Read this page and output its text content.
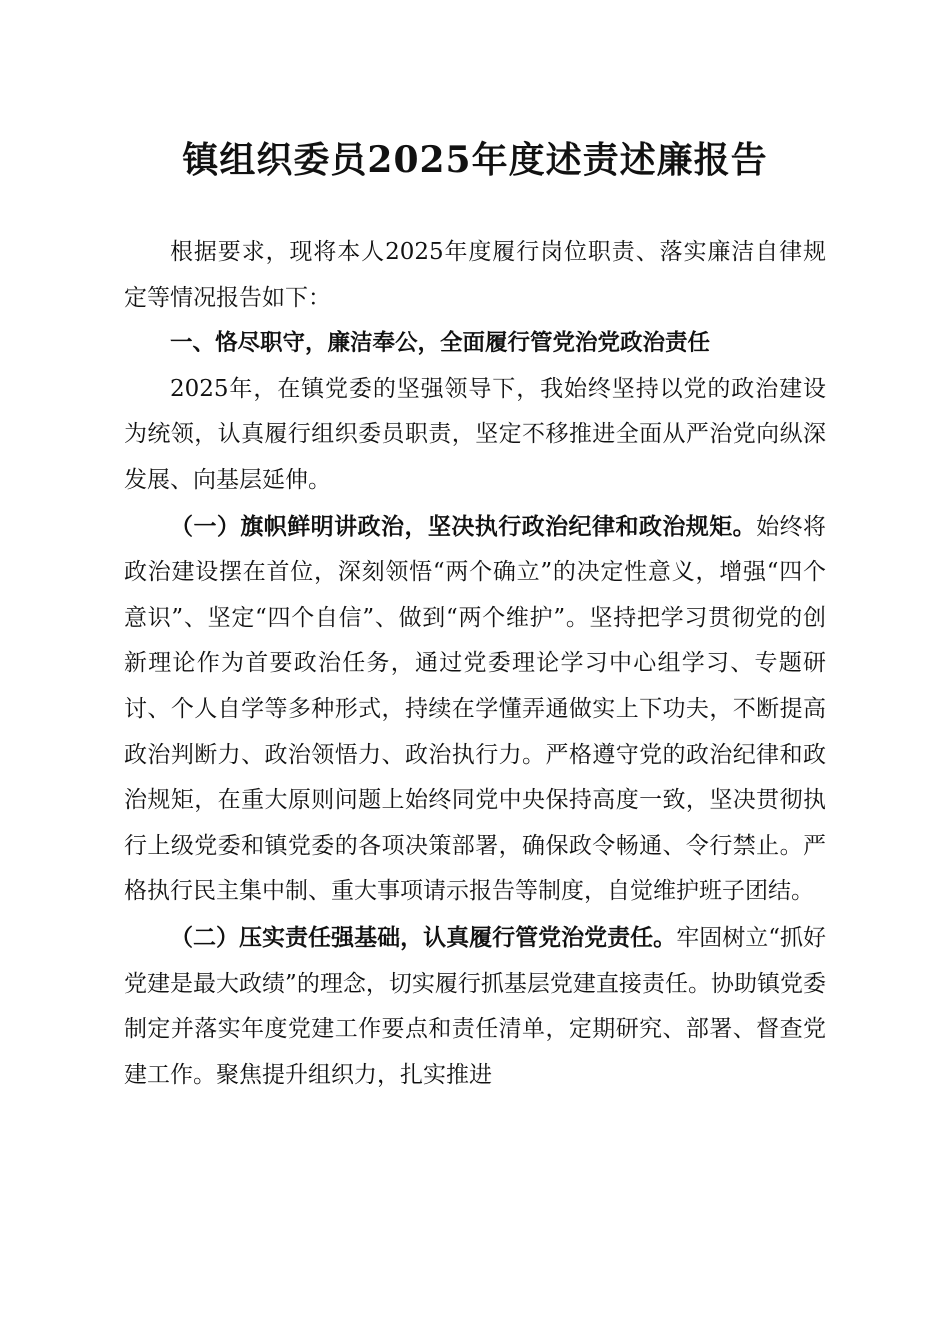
镇组织委员2025年度述责述廉报告

根据要求，现将本人2025年度履行岗位职责、落实廉洁自律规定等情况报告如下：

一、恪尽职守，廉洁奉公，全面履行管党治党政治责任

2025年，在镇党委的坚强领导下，我始终坚持以党的政治建设为统领，认真履行组织委员职责，坚定不移推进全面从严治党向纵深发展、向基层延伸。

（一）旗帜鲜明讲政治，坚决执行政治纪律和政治规矩。始终将政治建设摆在首位，深刻领悟“两个确立”的决定性意义，增强“四个意识”、坚定“四个自信”、做到“两个维护”。坚持把学习贯彻党的创新理论作为首要政治任务，通过党委理论学习中心组学习、专题研讨、个人自学等多种形式，持续在学懂弄通做实上下功夫，不断提高政治判断力、政治领悟力、政治执行力。严格遵守党的政治纪律和政治规矩，在重大原则问题上始终同党中央保持高度一致，坚决贯彻执行上级党委和镇党委的各项决策部署，确保政令畅通、令行禁止。严格执行民主集中制、重大事项请示报告等制度，自觉维护班子团结。

（二）压实责任强基础，认真履行管党治党责任。牢固树立“抓好党建是最大政绩”的理念，切实履行抓基层党建直接责任。协助镇党委制定并落实年度党建工作要点和责任清单，定期研究、部署、督查党建工作。聚焦提升组织力，扎实推进
